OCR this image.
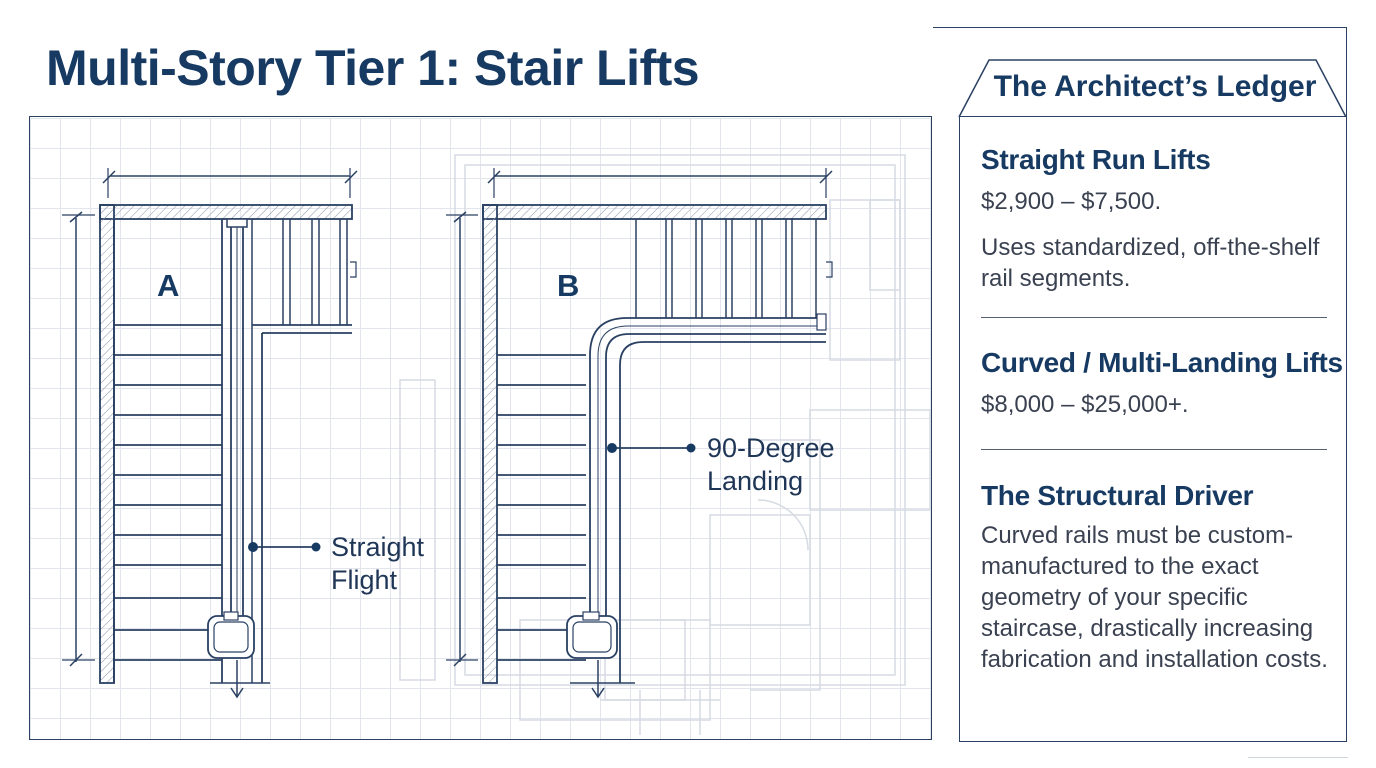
A
Straight
Flight
B
90-Degree
Landing
Multi-Story Tier 1: Stair Lifts	The Architect’s Ledger
Straight Run Lifts
$2,900 – $7,500.
Uses standardized, off-the-shelf rail segments.
Curved / Multi-Landing Lifts
$8,000 – $25,000+.
The Structural Driver
Curved rails must be custom-manufactured to the exact geometry of your specific staircase, drastically increasing fabrication and installation costs.
